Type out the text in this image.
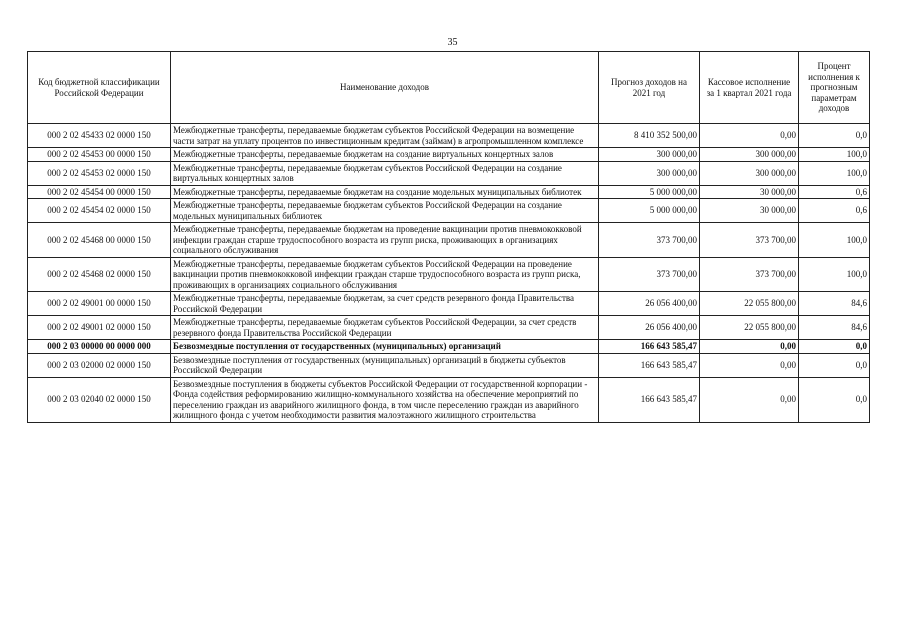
35
Код бюджетной классификации Российской Федерации	Наименование доходов	Прогноз доходов на 2021 год	Кассовое исполнение за 1 квартал 2021 года	Процент исполнения к прогнозным параметрам доходов
000 2 02 45433 02 0000 150	Межбюджетные трансферты, передаваемые бюджетам субъектов Российской Федерации на возмещение части затрат на уплату процентов по инвестиционным кредитам (займам) в агропромышленном комплексе	8 410 352 500,00	0,00	0,0
000 2 02 45453 00 0000 150	Межбюджетные трансферты, передаваемые бюджетам на создание виртуальных концертных залов	300 000,00	300 000,00	100,0
000 2 02 45453 02 0000 150	Межбюджетные трансферты, передаваемые бюджетам субъектов Российской Федерации на создание виртуальных концертных залов	300 000,00	300 000,00	100,0
000 2 02 45454 00 0000 150	Межбюджетные трансферты, передаваемые бюджетам на создание модельных муниципальных библиотек	5 000 000,00	30 000,00	0,6
000 2 02 45454 02 0000 150	Межбюджетные трансферты, передаваемые бюджетам субъектов Российской Федерации на создание модельных муниципальных библиотек	5 000 000,00	30 000,00	0,6
000 2 02 45468 00 0000 150	Межбюджетные трансферты, передаваемые бюджетам на проведение вакцинации против пневмококковой инфекции граждан старше трудоспособного возраста из групп риска, проживающих в организациях социального обслуживания	373 700,00	373 700,00	100,0
000 2 02 45468 02 0000 150	Межбюджетные трансферты, передаваемые бюджетам субъектов Российской Федерации на проведение вакцинации против пневмококковой инфекции граждан старше трудоспособного возраста из групп риска, проживающих в организациях социального обслуживания	373 700,00	373 700,00	100,0
000 2 02 49001 00 0000 150	Межбюджетные трансферты, передаваемые бюджетам, за счет средств резервного фонда Правительства Российской Федерации	26 056 400,00	22 055 800,00	84,6
000 2 02 49001 02 0000 150	Межбюджетные трансферты, передаваемые бюджетам субъектов Российской Федерации, за счет средств резервного фонда Правительства Российской Федерации	26 056 400,00	22 055 800,00	84,6
000 2 03 00000 00 0000 000	Безвозмездные поступления от государственных (муниципальных) организаций	166 643 585,47	0,00	0,0
000 2 03 02000 02 0000 150	Безвозмездные поступления от государственных (муниципальных) организаций в бюджеты субъектов Российской Федерации	166 643 585,47	0,00	0,0
000 2 03 02040 02 0000 150	Безвозмездные поступления в бюджеты субъектов Российской Федерации от государственной корпорации - Фонда содействия реформированию жилищно-коммунального хозяйства на обеспечение мероприятий по переселению граждан из аварийного жилищного фонда, в том числе переселению граждан из аварийного жилищного фонда с учетом необходимости развития малоэтажного жилищного строительства	166 643 585,47	0,00	0,0
